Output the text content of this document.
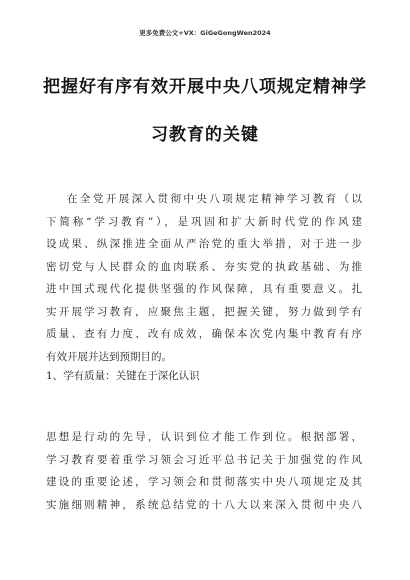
更多免费公文+VX：GiGeGongWen2024
把握好有序有效开展中央八项规定精神学
习教育的关键
在全党开展深入贯彻中央八项规定精神学习教育（以
下简称“学习教育”），是巩固和扩大新时代党的作风建
设成果、纵深推进全面从严治党的重大举措，对于进一步
密切党与人民群众的血肉联系、夯实党的执政基础、为推
进中国式现代化提供坚强的作风保障，具有重要意义。扎
实开展学习教育，应聚焦主题，把握关键，努力做到学有
质量、查有力度、改有成效，确保本次党内集中教育有序
有效开展并达到预期目的。
1、学有质量：关键在于深化认识
思想是行动的先导，认识到位才能工作到位。根据部署，
学习教育要着重学习领会习近平总书记关于加强党的作风
建设的重要论述，学习领会和贯彻落实中央八项规定及其
实施细则精神，系统总结党的十八大以来深入贯彻中央八
